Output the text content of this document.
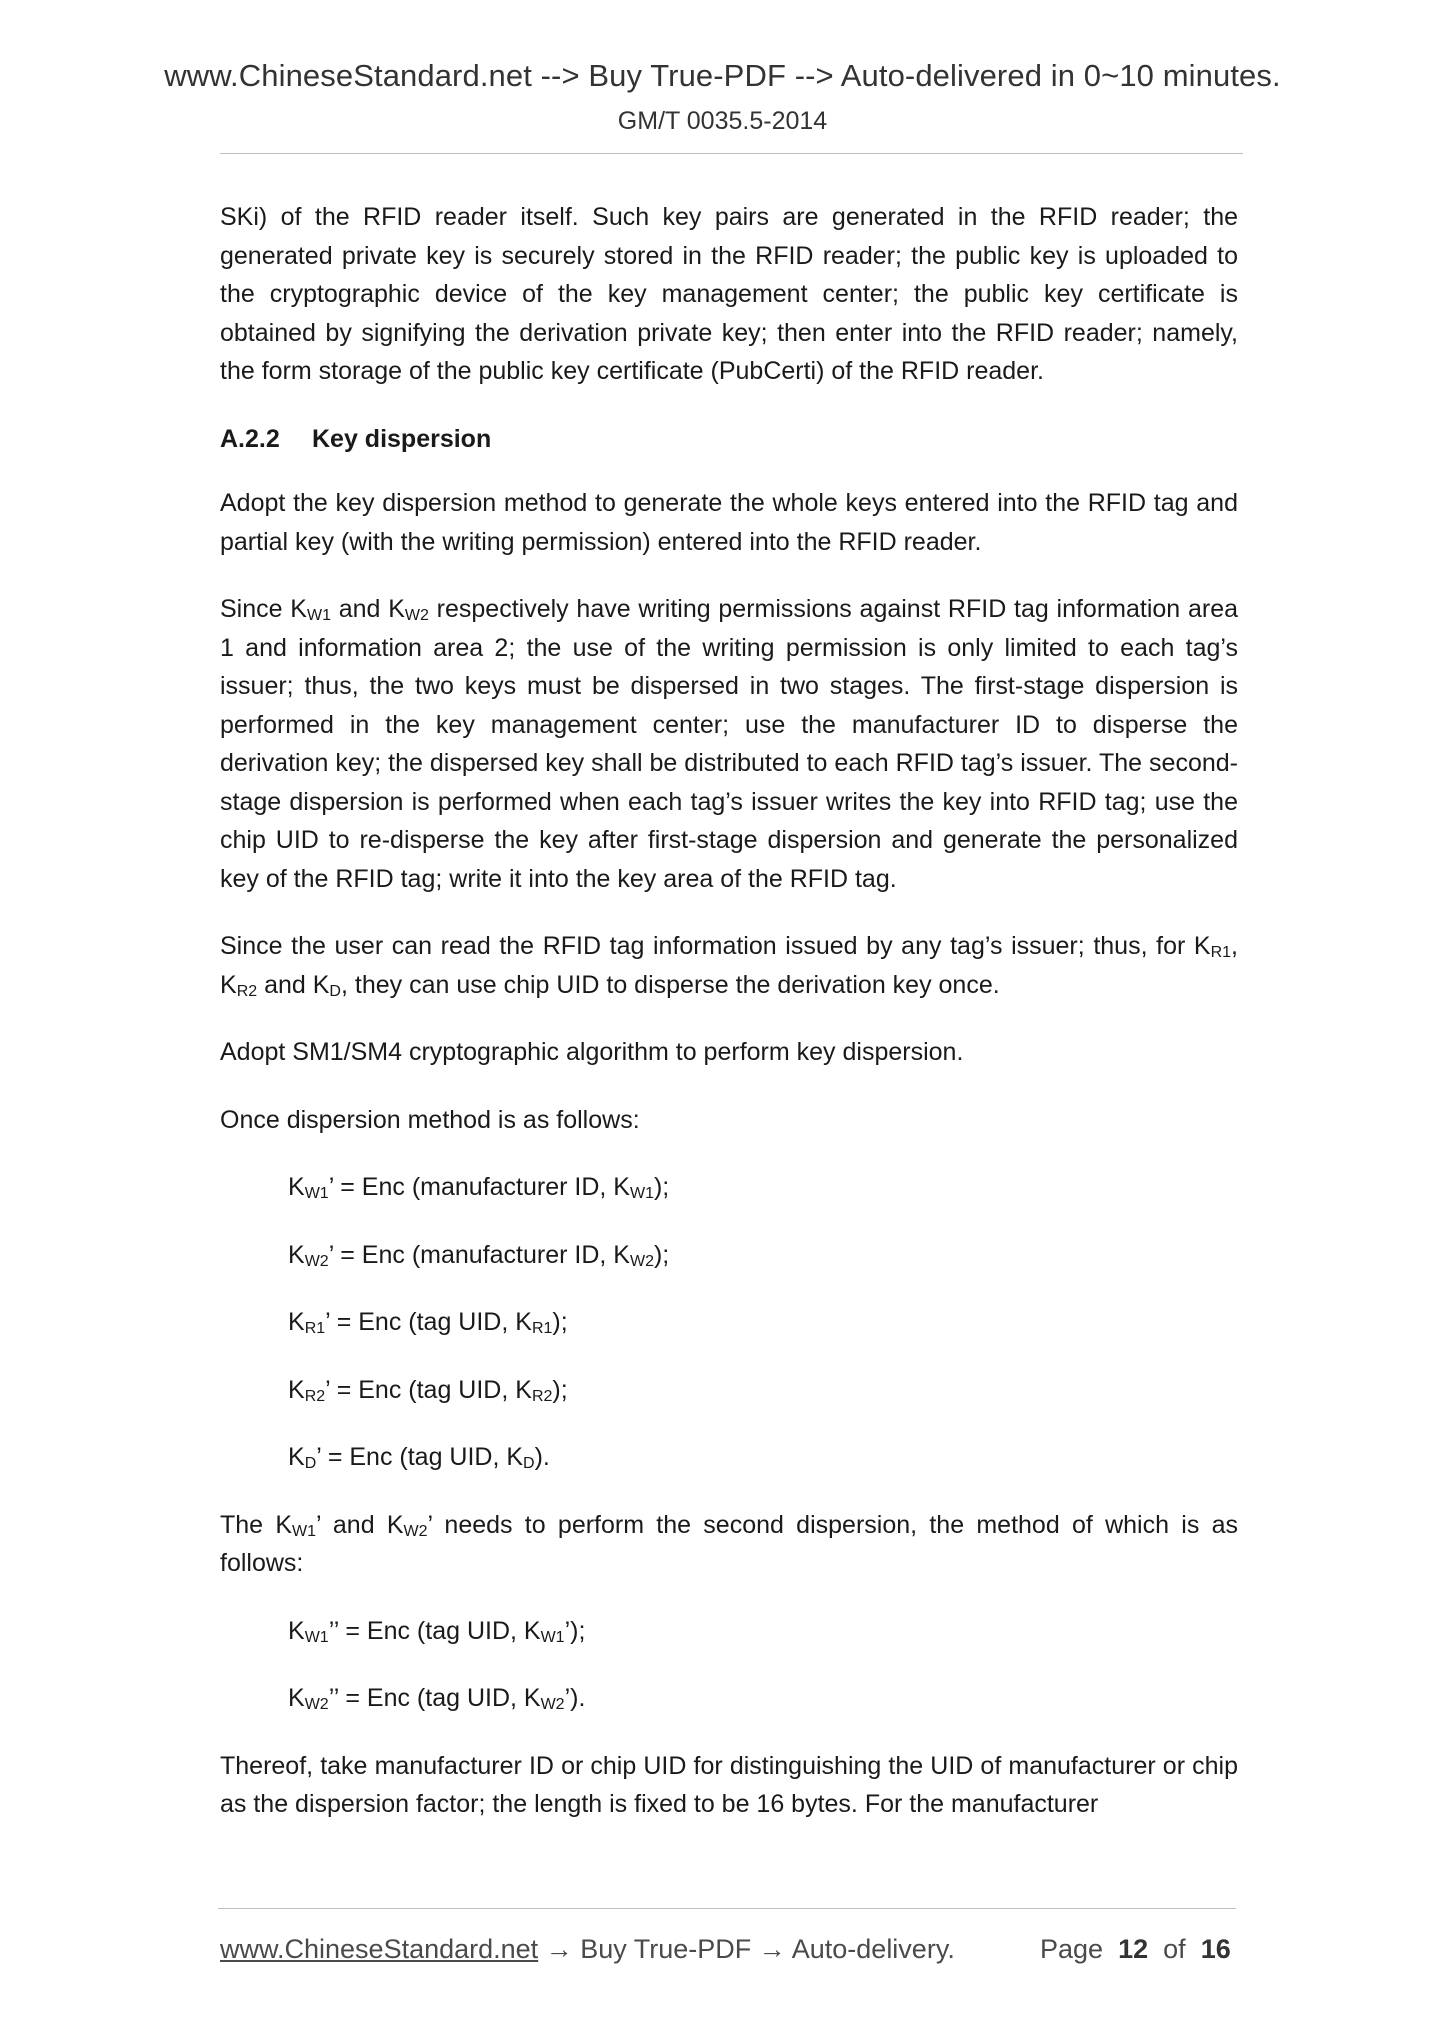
www.ChineseStandard.net --> Buy True-PDF --> Auto-delivered in 0~10 minutes.
GM/T 0035.5-2014

SKi) of the RFID reader itself. Such key pairs are generated in the RFID reader; the generated private key is securely stored in the RFID reader; the public key is uploaded to the cryptographic device of the key management center; the public key certificate is obtained by signifying the derivation private key; then enter into the RFID reader; namely, the form storage of the public key certificate (PubCerti) of the RFID reader.

A.2.2 Key dispersion

Adopt the key dispersion method to generate the whole keys entered into the RFID tag and partial key (with the writing permission) entered into the RFID reader.

Since $K_{W1}$ and $K_{W2}$ respectively have writing permissions against RFID tag information area 1 and information area 2; the use of the writing permission is only limited to each tag’s issuer; thus, the two keys must be dispersed in two stages. The first-stage dispersion is performed in the key management center; use the manufacturer ID to disperse the derivation key; the dispersed key shall be distributed to each RFID tag’s issuer. The second-stage dispersion is performed when each tag’s issuer writes the key into RFID tag; use the chip UID to re-disperse the key after first-stage dispersion and generate the personalized key of the RFID tag; write it into the key area of the RFID tag.

Since the user can read the RFID tag information issued by any tag’s issuer; thus, for $K_{R1}$, $K_{R2}$ and $K_D$, they can use chip UID to disperse the derivation key once.

Adopt SM1/SM4 cryptographic algorithm to perform key dispersion.

Once dispersion method is as follows:

$K_{W1}$’ = Enc (manufacturer ID, $K_{W1}$);
$K_{W2}$’ = Enc (manufacturer ID, $K_{W2}$);
$K_{R1}$’ = Enc (tag UID, $K_{R1}$);
$K_{R2}$’ = Enc (tag UID, $K_{R2}$);
$K_D$’ = Enc (tag UID, $K_D$).

The $K_{W1}$’ and $K_{W2}$’ needs to perform the second dispersion, the method of which is as follows:

$K_{W1}$’’ = Enc (tag UID, $K_{W1}$’);
$K_{W2}$’’ = Enc (tag UID, $K_{W2}$’).

Thereof, take manufacturer ID or chip UID for distinguishing the UID of manufacturer or chip as the dispersion factor; the length is fixed to be 16 bytes. For the manufacturer

www.ChineseStandard.net → Buy True-PDF → Auto-delivery.	Page 12 of 16
